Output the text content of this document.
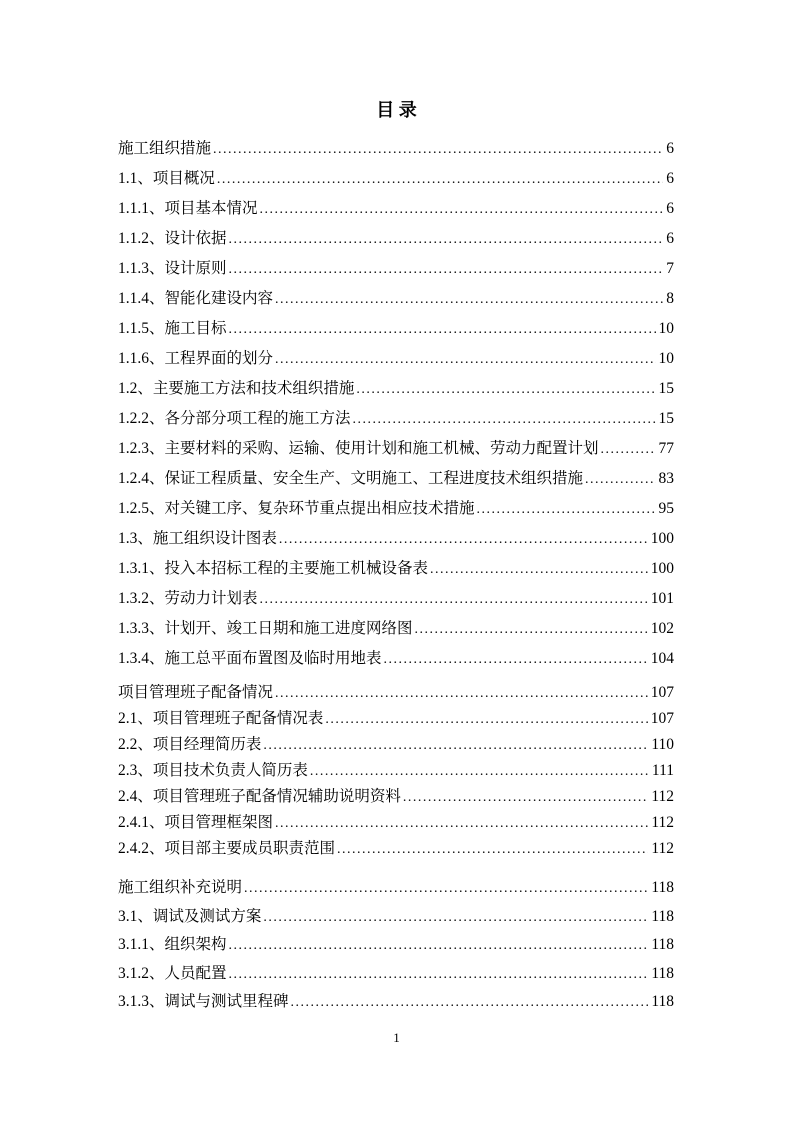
目 录
施工组织措施 .....	6
1.1、项目概况 .....	6
1.1.1、项目基本情况 .....	6
1.1.2、设计依据 .....	6
1.1.3、设计原则 .....	7
1.1.4、智能化建设内容 .....	8
1.1.5、施工目标 .....	10
1.1.6、工程界面的划分 .....	10
1.2、主要施工方法和技术组织措施 .....	15
1.2.2、各分部分项工程的施工方法 .....	15
1.2.3、主要材料的采购、运输、使用计划和施工机械、劳动力配置计划 .....	77
1.2.4、保证工程质量、安全生产、文明施工、工程进度技术组织措施 .....	83
1.2.5、对关键工序、复杂环节重点提出相应技术措施 .....	95
1.3、施工组织设计图表 .....	100
1.3.1、投入本招标工程的主要施工机械设备表 .....	100
1.3.2、劳动力计划表 .....	101
1.3.3、计划开、竣工日期和施工进度网络图 .....	102
1.3.4、施工总平面布置图及临时用地表 .....	104
项目管理班子配备情况 .....	107
2.1、项目管理班子配备情况表 .....	107
2.2、项目经理简历表 .....	110
2.3、项目技术负责人简历表 .....	111
2.4、项目管理班子配备情况辅助说明资料 .....	112
2.4.1、项目管理框架图 .....	112
2.4.2、项目部主要成员职责范围 .....	112
施工组织补充说明 .....	118
3.1、调试及测试方案 .....	118
3.1.1、组织架构 .....	118
3.1.2、人员配置 .....	118
3.1.3、调试与测试里程碑 .....	118
1
